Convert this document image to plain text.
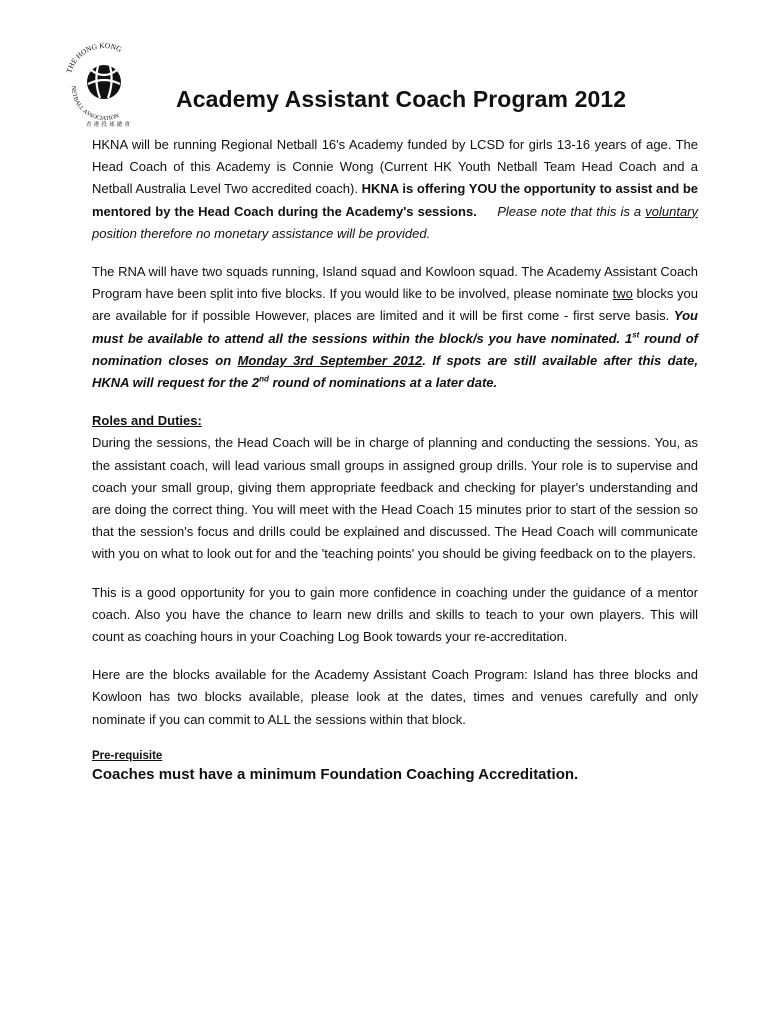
THE HONG KONG
NETBALL ASSOCIATION
香港投球總會
Academy Assistant Coach Program 2012

HKNA will be running Regional Netball 16's Academy funded by LCSD for girls 13-16 years of age. The Head Coach of this Academy is Connie Wong (Current HK Youth Netball Team Head Coach and a Netball Australia Level Two accredited coach). HKNA is offering YOU the opportunity to assist and be mentored by the Head Coach during the Academy's sessions. Please note that this is a voluntary position therefore no monetary assistance will be provided.

The RNA will have two squads running, Island squad and Kowloon squad. The Academy Assistant Coach Program have been split into five blocks. If you would like to be involved, please nominate two blocks you are available for if possible However, places are limited and it will be first come - first serve basis. You must be available to attend all the sessions within the block/s you have nominated. 1st round of nomination closes on Monday 3rd September 2012. If spots are still available after this date, HKNA will request for the 2nd round of nominations at a later date.

Roles and Duties:

During the sessions, the Head Coach will be in charge of planning and conducting the sessions. You, as the assistant coach, will lead various small groups in assigned group drills. Your role is to supervise and coach your small group, giving them appropriate feedback and checking for player's understanding and are doing the correct thing. You will meet with the Head Coach 15 minutes prior to start of the session so that the session's focus and drills could be explained and discussed. The Head Coach will communicate with you on what to look out for and the 'teaching points' you should be giving feedback on to the players.

This is a good opportunity for you to gain more confidence in coaching under the guidance of a mentor coach. Also you have the chance to learn new drills and skills to teach to your own players. This will count as coaching hours in your Coaching Log Book towards your re-accreditation.

Here are the blocks available for the Academy Assistant Coach Program: Island has three blocks and Kowloon has two blocks available, please look at the dates, times and venues carefully and only nominate if you can commit to ALL the sessions within that block.

Pre-requisite
Coaches must have a minimum Foundation Coaching Accreditation.
